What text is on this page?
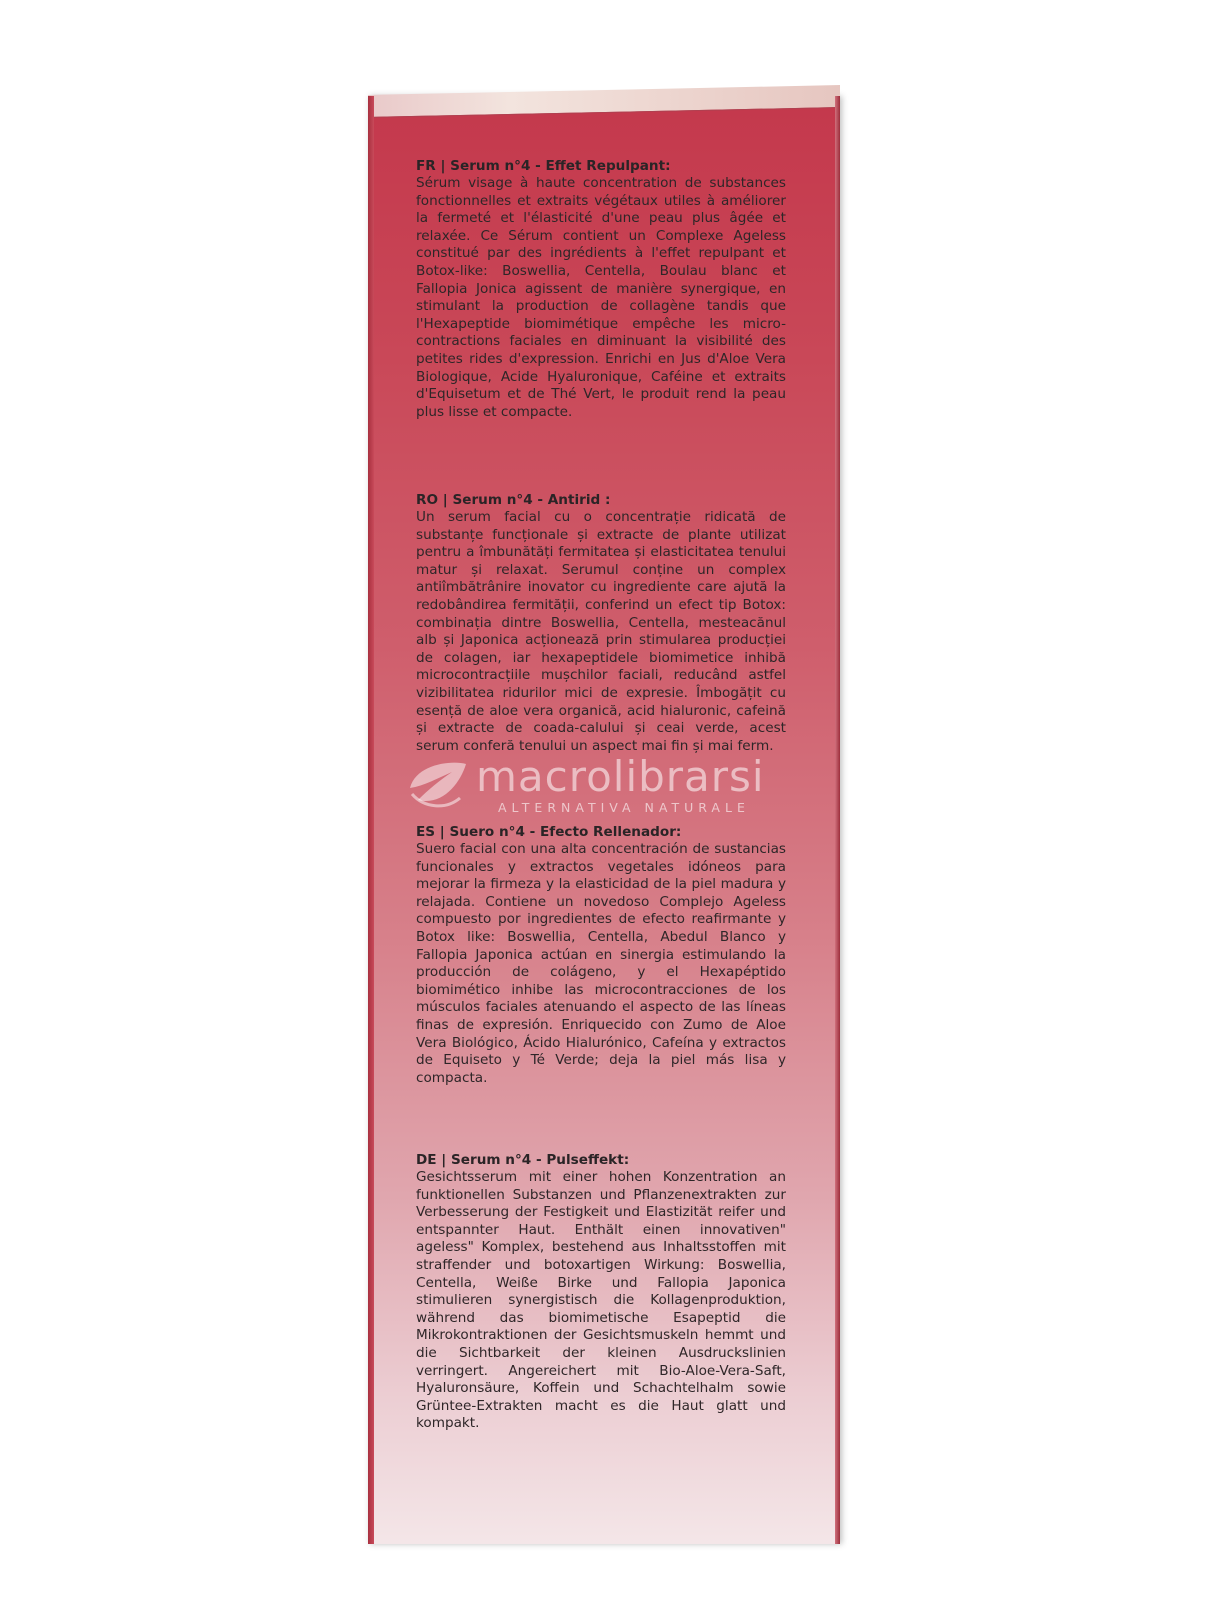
FR | Serum n°4 - Effet Repulpant:

Sérum visage à haute concentration de substances fonctionnelles et extraits végétaux utiles à améliorer la fermeté et l'élasticité d'une peau plus âgée et relaxée. Ce Sérum contient un Complexe Ageless constitué par des ingrédients à l'effet repulpant et Botox-like: Boswellia, Centella, Boulau blanc et Fallopia Jonica agissent de manière synergique, en stimulant la production de collagène tandis que l'Hexapeptide biomimétique empêche les micro-contractions faciales en diminuant la visibilité des petites rides d'expression. Enrichi en Jus d'Aloe Vera Biologique, Acide Hyaluronique, Caféine et extraits d'Equisetum et de Thé Vert, le produit rend la peau plus lisse et compacte.

RO | Serum n°4 - Antirid :

Un serum facial cu o concentrație ridicată de substanțe funcționale și extracte de plante utilizat pentru a îmbunătăți fermitatea și elasticitatea tenului matur și relaxat. Serumul conține un complex antiîmbătrânire inovator cu ingrediente care ajută la redobândirea fermității, conferind un efect tip Botox: combinația dintre Boswellia, Centella, mesteacănul alb și Japonica acționează prin stimularea producției de colagen, iar hexapeptidele biomimetice inhibă microcontracțiile mușchilor faciali, reducând astfel vizibilitatea ridurilor mici de expresie. Îmbogățit cu esență de aloe vera organică, acid hialuronic, cafeină și extracte de coada-calului și ceai verde, acest serum conferă tenului un aspect mai fin și mai ferm.

ES | Suero n°4 - Efecto Rellenador:

Suero facial con una alta concentración de sustancias funcionales y extractos vegetales idóneos para mejorar la firmeza y la elasticidad de la piel madura y relajada. Contiene un novedoso Complejo Ageless compuesto por ingredientes de efecto reafirmante y Botox like: Boswellia, Centella, Abedul Blanco y Fallopia Japonica actúan en sinergia estimulando la producción de colágeno, y el Hexapéptido biomimético inhibe las microcontracciones de los músculos faciales atenuando el aspecto de las líneas finas de expresión. Enriquecido con Zumo de Aloe Vera Biológico, Ácido Hialurónico, Cafeína y extractos de Equiseto y Té Verde; deja la piel más lisa y compacta.

DE | Serum n°4 - Pulseffekt:

Gesichtsserum mit einer hohen Konzentration an funktionellen Substanzen und Pflanzenextrakten zur Verbesserung der Festigkeit und Elastizität reifer und entspannter Haut. Enthält einen innovativen" ageless" Komplex, bestehend aus Inhaltsstoffen mit straffender und botoxartigen Wirkung: Boswellia, Centella, Weiße Birke und Fallopia Japonica stimulieren synergistisch die Kollagenproduktion, während das biomimetische Esapeptid die Mikrokontraktionen der Gesichtsmuskeln hemmt und die Sichtbarkeit der kleinen Ausdruckslinien verringert. Angereichert mit Bio-Aloe-Vera-Saft, Hyaluronsäure, Koffein und Schachtelhalm sowie Grüntee-Extrakten macht es die Haut glatt und kompakt.

macrolibrarsi
ALTERNATIVA NATURALE
